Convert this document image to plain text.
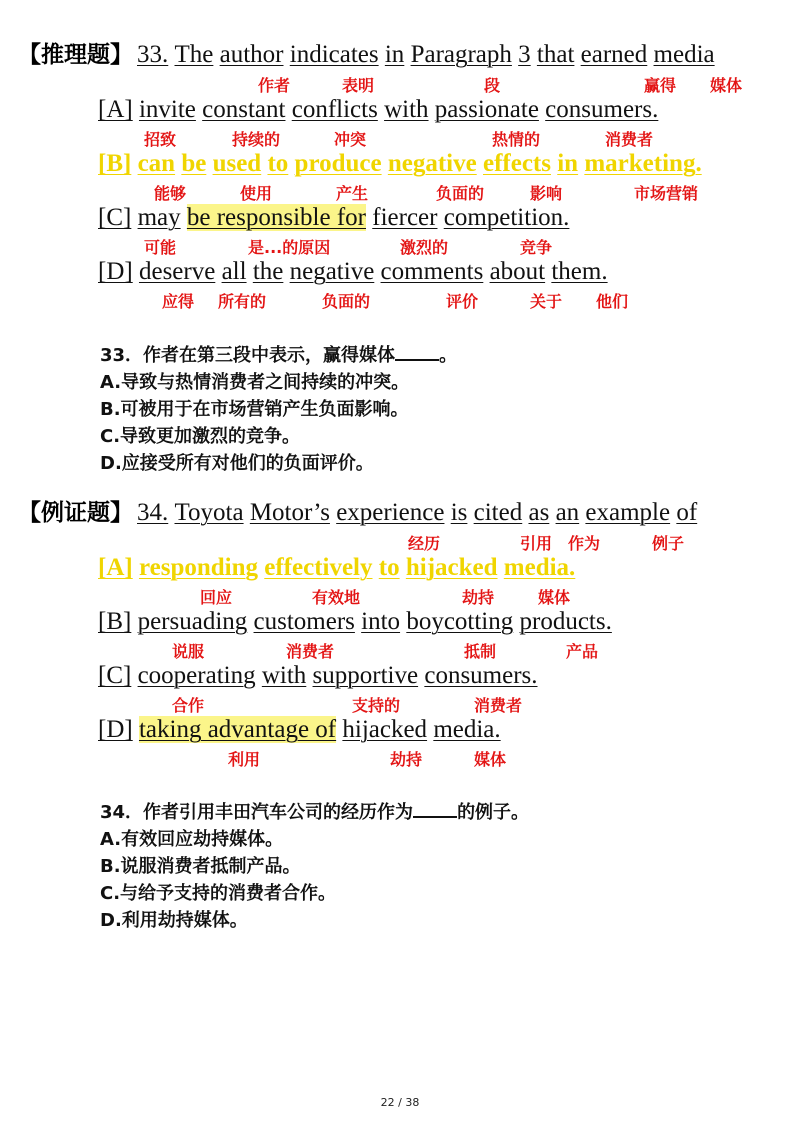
【推理题】 33. The author indicates in Paragraph 3 that earned media
作者	表明	段	赢得 媒体
[A] invite constant conflicts with passionate consumers.
招致	持续的	冲突	热情的	消费者
[B] can be used to produce negative effects in marketing.
能够	使用	产生	负面的	影响	市场营销
[C] may be responsible for fiercer competition.
可能	是...的原因	激烈的	竞争
[D] deserve all the negative comments about them.
应得 所有的	负面的	评价	关于 他们
33．作者在第三段中表示，赢得媒体 。
A.导致与热情消费者之间持续的冲突。
B.可被用于在市场营销产生负面影响。
C.导致更加激烈的竞争。
D.应接受所有对他们的负面评价。
【例证题】 34. Toyota Motor’s experience is cited as an example of
经历	引用 作为	例子
[A] responding effectively to hijacked media.
回应	有效地	劫持	媒体
[B] persuading customers into boycotting products.
说服	消费者	抵制	产品
[C] cooperating with supportive consumers.
合作	支持的	消费者
[D] taking advantage of hijacked media.
利用	劫持	媒体
34．作者引用丰田汽车公司的经历作为 的例子。
A.有效回应劫持媒体。
B.说服消费者抵制产品。
C.与给予支持的消费者合作。
D.利用劫持媒体。
22 / 38
